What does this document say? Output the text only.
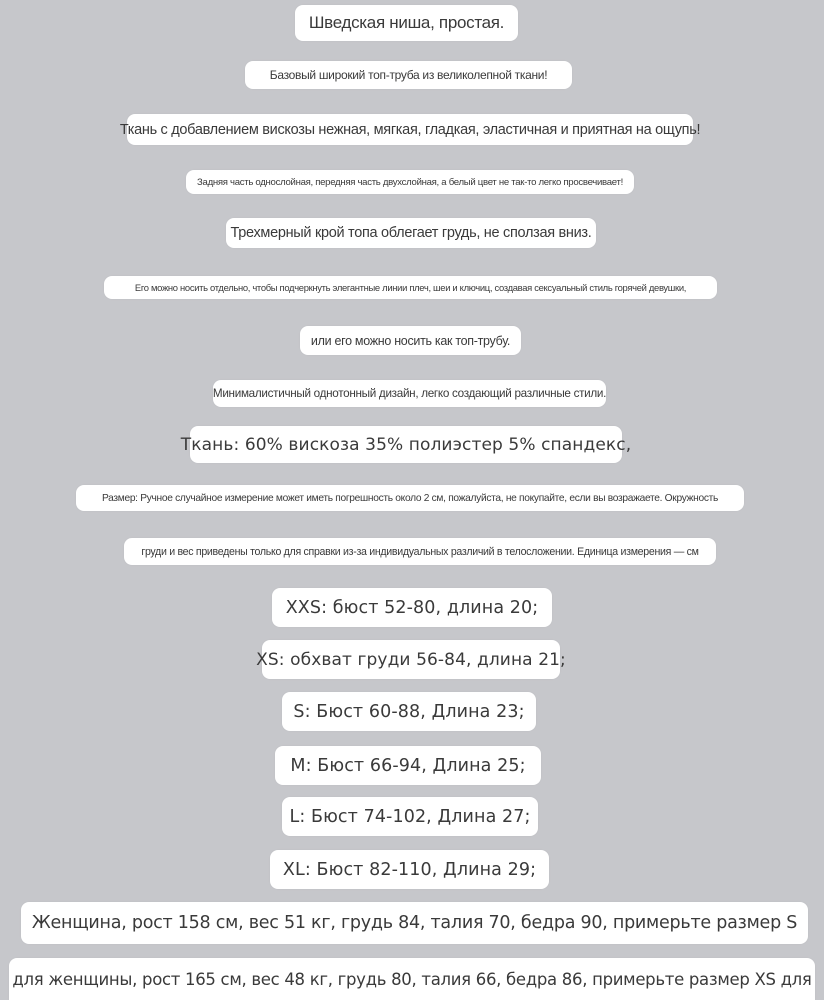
Шведская ниша, простая.
Базовый широкий топ-труба из великолепной ткани!
Ткань с добавлением вискозы нежная, мягкая, гладкая, эластичная и приятная на ощупь!
Задняя часть однослойная, передняя часть двухслойная, а белый цвет не так-то легко просвечивает!
Трехмерный крой топа облегает грудь, не сползая вниз.
Его можно носить отдельно, чтобы подчеркнуть элегантные линии плеч, шеи и ключиц, создавая сексуальный стиль горячей девушки,
или его можно носить как топ-трубу.
Минималистичный однотонный дизайн, легко создающий различные стили.
Ткань: 60% вискоза 35% полиэстер 5% спандекс,
Размер: Ручное случайное измерение может иметь погрешность около 2 см, пожалуйста, не покупайте, если вы возражаете. Окружность
груди и вес приведены только для справки из-за индивидуальных различий в телосложении. Единица измерения — см
XXS: бюст 52-80, длина 20;
XS: обхват груди 56-84, длина 21;
S: Бюст 60-88, Длина 23;
M: Бюст 66-94, Длина 25;
L: Бюст 74-102, Длина 27;
XL: Бюст 82-110, Длина 29;
Женщина, рост 158 см, вес 51 кг, грудь 84, талия 70, бедра 90, примерьте размер S
для женщины, рост 165 см, вес 48 кг, грудь 80, талия 66, бедра 86, примерьте размер XS для
